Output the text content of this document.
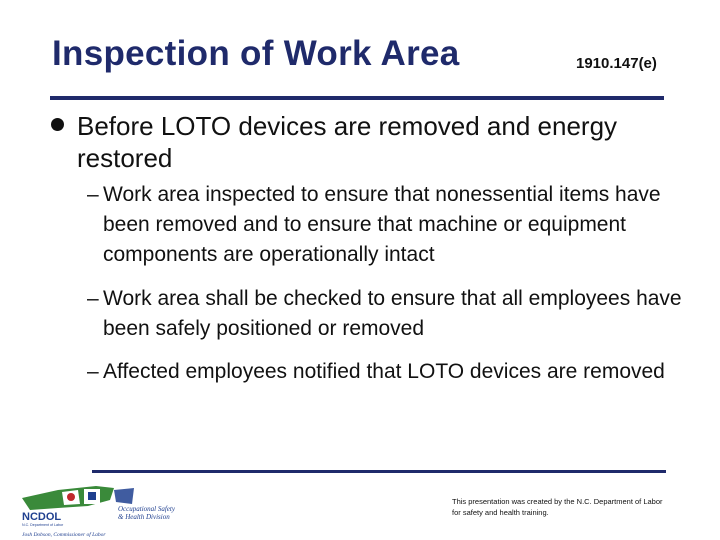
Inspection of Work Area	1910.147(e)
Before LOTO devices are removed and energy restored
– Work area inspected to ensure that nonessential items have been removed and to ensure that machine or equipment components are operationally intact
– Work area shall be checked to ensure that all employees have been safely positioned or removed
– Affected employees notified that LOTO devices are removed
NCDOL
N.C. Department of Labor
Occupational Safety
& Health Division
Josh Dobson, Commissioner of Labor
This presentation was created by the N.C. Department of Labor for safety and health training.
